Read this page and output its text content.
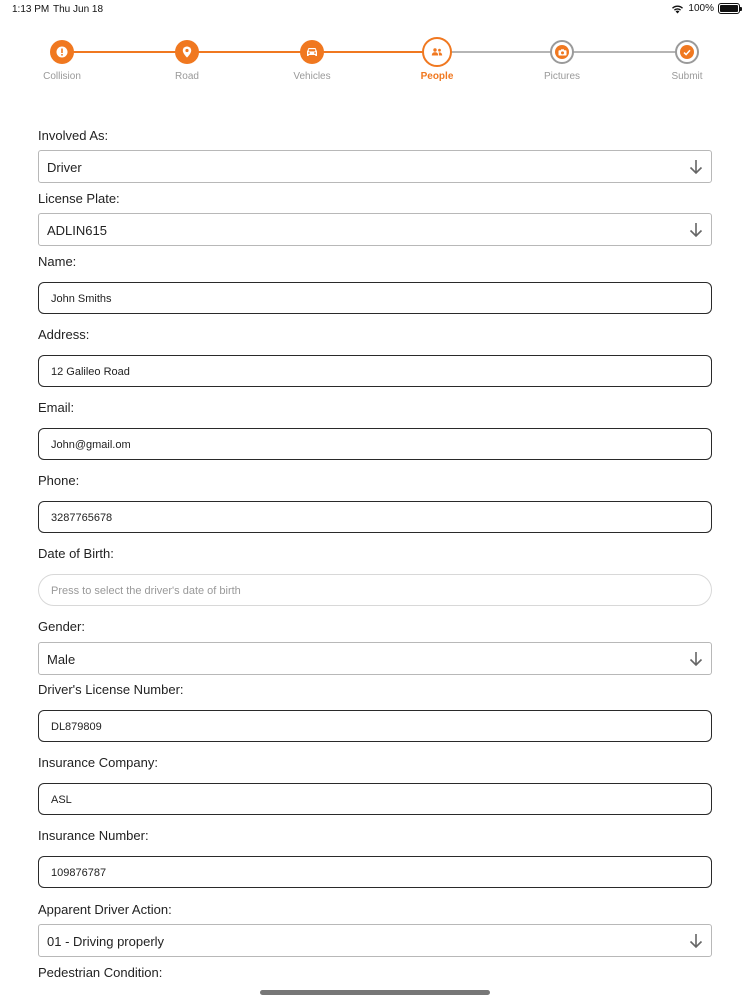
1:13 PM Thu Jun 18	100%
Collision	Road	Vehicles	People	Pictures	Submit
Involved As:
Driver
License Plate:
ADLIN615
Name:
John Smiths
Address:
12 Galileo Road
Email:
John@gmail.om
Phone:
3287765678
Date of Birth:
Press to select the driver's date of birth
Gender:
Male
Driver's License Number:
DL879809
Insurance Company:
ASL
Insurance Number:
109876787
Apparent Driver Action:
01 - Driving properly
Pedestrian Condition:
